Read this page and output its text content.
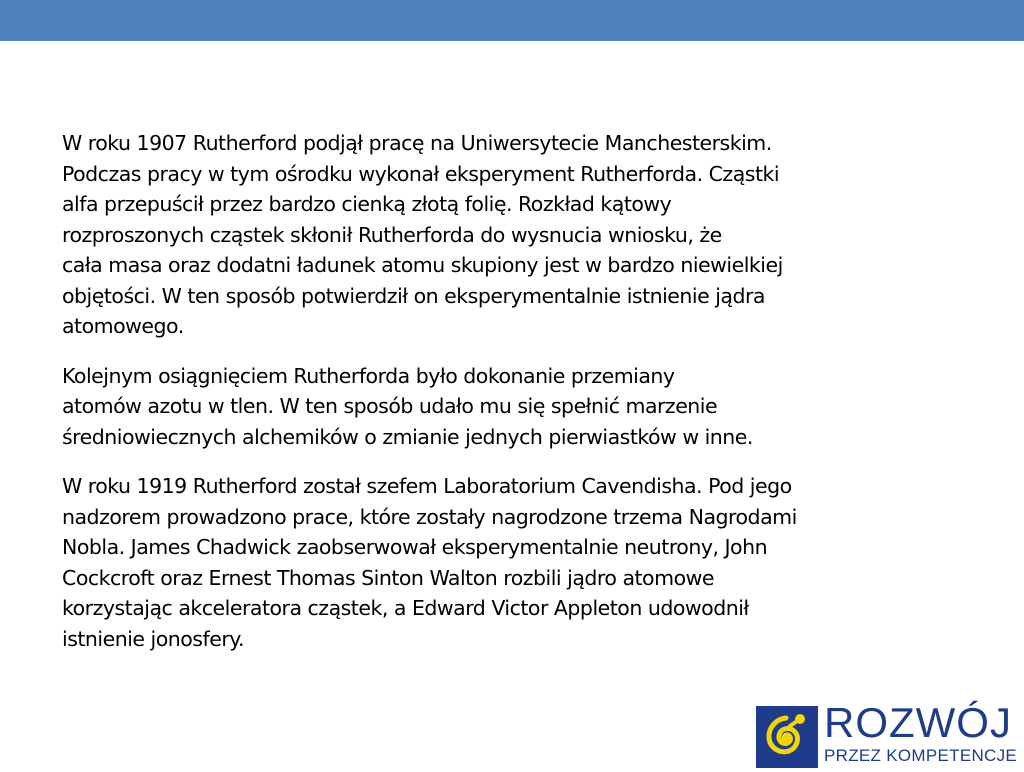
W roku 1907 Rutherford podjął pracę na Uniwersytecie Manchesterskim.
Podczas pracy w tym ośrodku wykonał eksperyment Rutherforda. Cząstki
alfa przepuścił przez bardzo cienką złotą folię. Rozkład kątowy
rozproszonych cząstek skłonił Rutherforda do wysnucia wniosku, że
cała masa oraz dodatni ładunek atomu skupiony jest w bardzo niewielkiej
objętości. W ten sposób potwierdził on eksperymentalnie istnienie jądra
atomowego.

Kolejnym osiągnięciem Rutherforda było dokonanie przemiany
atomów azotu w tlen. W ten sposób udało mu się spełnić marzenie
średniowiecznych alchemików o zmianie jednych pierwiastków w inne.

W roku 1919 Rutherford został szefem Laboratorium Cavendisha. Pod jego
nadzorem prowadzono prace, które zostały nagrodzone trzema Nagrodami
Nobla. James Chadwick zaobserwował eksperymentalnie neutrony, John
Cockcroft oraz Ernest Thomas Sinton Walton rozbili jądro atomowe
korzystając akceleratora cząstek, a Edward Victor Appleton udowodnił
istnienie jonosfery.

ROZWÓJ
PRZEZ KOMPETENCJE
